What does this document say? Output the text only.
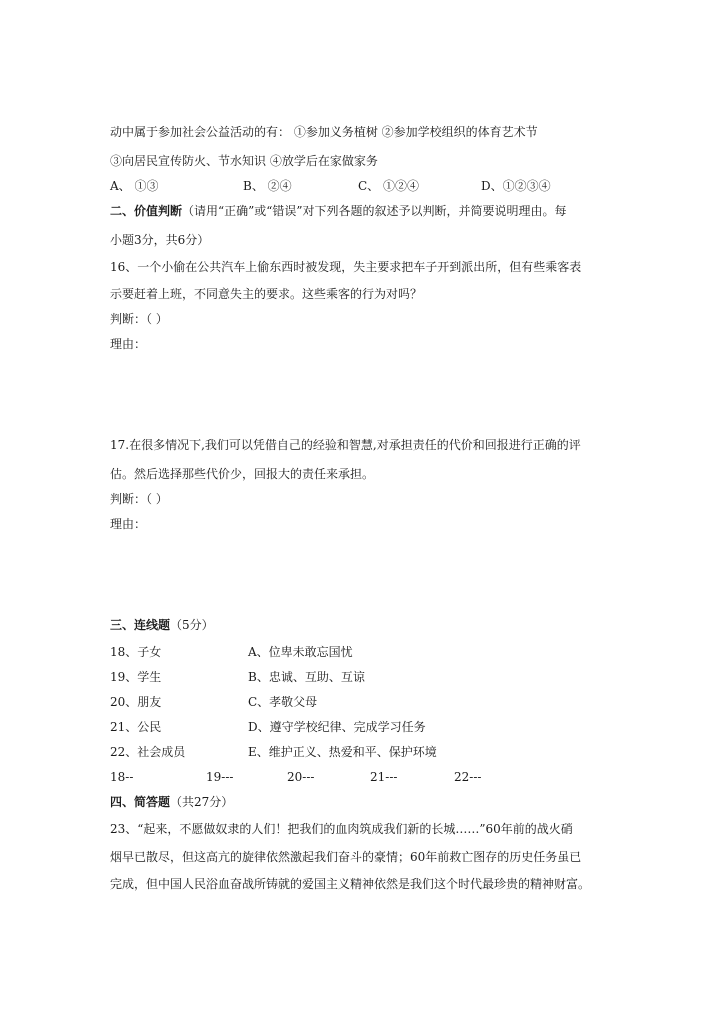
动中属于参加社会公益活动的有： ①参加义务植树 ②参加学校组织的体育艺术节
③向居民宣传防火、节水知识 ④放学后在家做家务
A、 ①③	B、 ②④	C、 ①②④	D、①②③④
二、价值判断（请用“正确”或“错误”对下列各题的叙述予以判断，并简要说明理由。每
小题3分，共6分）
16、一个小偷在公共汽车上偷东西时被发现，失主要求把车子开到派出所，但有些乘客表
示要赶着上班，不同意失主的要求。这些乘客的行为对吗？
判断：（ ）
理由：
17.在很多情况下,我们可以凭借自己的经验和智慧,对承担责任的代价和回报进行正确的评
估。然后选择那些代价少，回报大的责任来承担。
判断：（ ）
理由：
三、连线题（5分）
18、子女	A、位卑未敢忘国忧
19、学生	B、忠诚、互助、互谅
20、朋友	C、孝敬父母
21、公民	D、遵守学校纪律、完成学习任务
22、社会成员	E、维护正义、热爱和平、保护环境
18--	19---	20---	21---	22---
四、简答题（共27分）
23、“起来，不愿做奴隶的人们！把我们的血肉筑成我们新的长城……”60年前的战火硝
烟早已散尽，但这高亢的旋律依然激起我们奋斗的豪情；60年前救亡图存的历史任务虽已
完成，但中国人民浴血奋战所铸就的爱国主义精神依然是我们这个时代最珍贵的精神财富。
